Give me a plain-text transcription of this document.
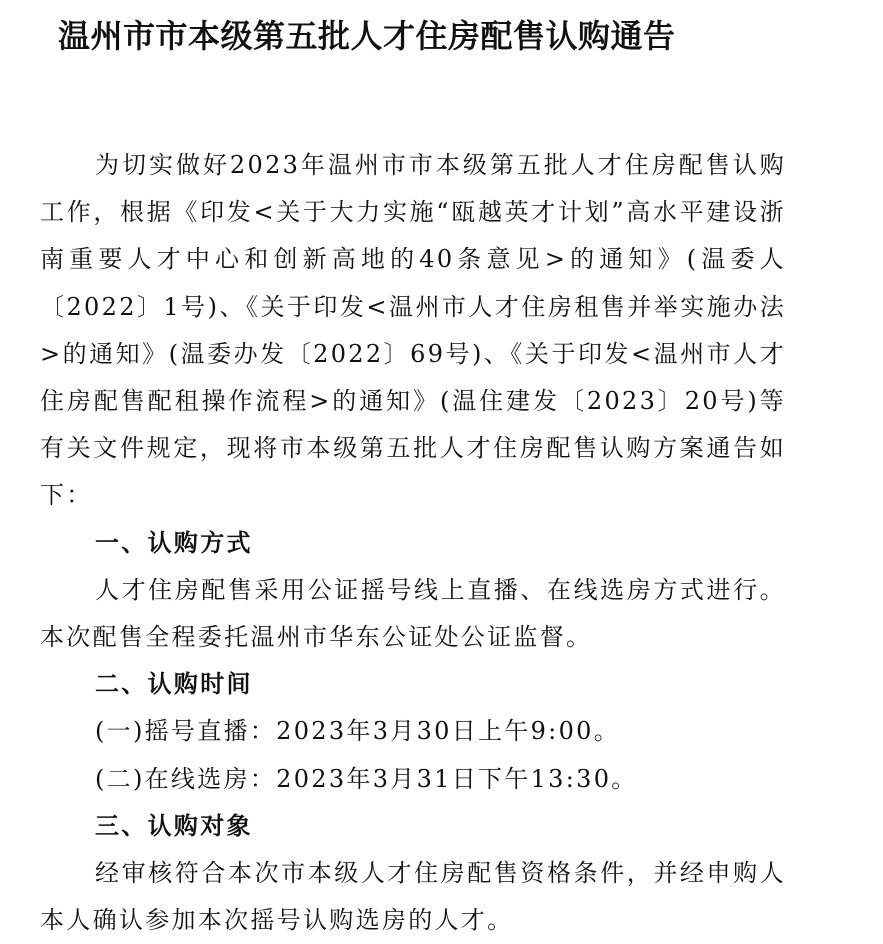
温州市市本级第五批人才住房配售认购通告

为切实做好2023年温州市市本级第五批人才住房配售认购工作，根据《印发<关于大力实施“瓯越英才计划”高水平建设浙南重要人才中心和创新高地的40条意见>的通知》(温委人〔2022〕1号)、《关于印发<温州市人才住房租售并举实施办法>的通知》(温委办发〔2022〕69号)、《关于印发<温州市人才住房配售配租操作流程>的通知》(温住建发〔2023〕20号)等有关文件规定，现将市本级第五批人才住房配售认购方案通告如下：

一、认购方式

人才住房配售采用公证摇号线上直播、在线选房方式进行。本次配售全程委托温州市华东公证处公证监督。

二、认购时间

(一)摇号直播：2023年3月30日上午9:00。

(二)在线选房：2023年3月31日下午13:30。

三、认购对象

经审核符合本次市本级人才住房配售资格条件，并经申购人本人确认参加本次摇号认购选房的人才。
